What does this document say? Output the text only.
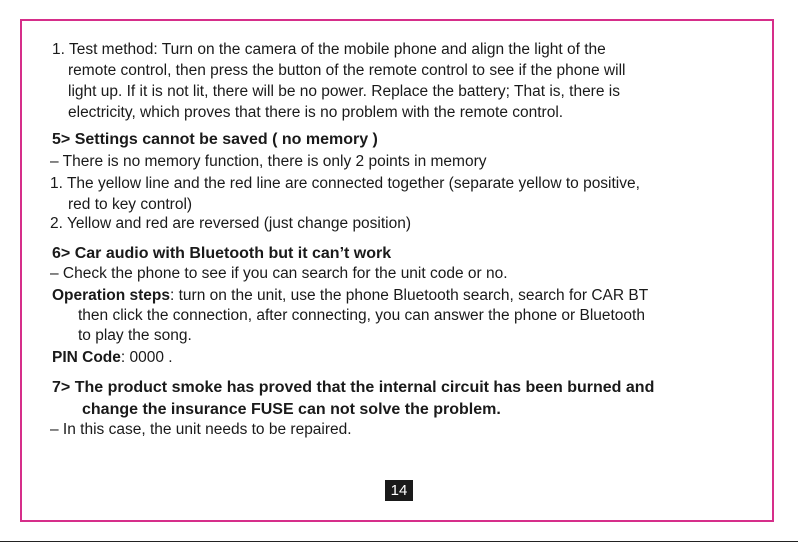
1. Test method: Turn on the camera of the mobile phone and align the light of the
remote control, then press the button of the remote control to see if the phone will
light up. If it is not lit, there will be no power. Replace the battery; That is, there is
electricity, which proves that there is no problem with the remote control.
5> Settings cannot be saved ( no memory )
– There is no memory function, there is only 2 points in memory
1. The yellow line and the red line are connected together (separate yellow to positive,
red to key control)
2. Yellow and red are reversed (just change position)
6> Car audio with Bluetooth but it can’t work
– Check the phone to see if you can search for the unit code or no.
Operation steps: turn on the unit, use the phone Bluetooth search, search for CAR BT
then click the connection, after connecting, you can answer the phone or Bluetooth
to play the song.
PIN Code: 0000 .
7> The product smoke has proved that the internal circuit has been burned and
change the insurance FUSE can not solve the problem.
– In this case, the unit needs to be repaired.
14
